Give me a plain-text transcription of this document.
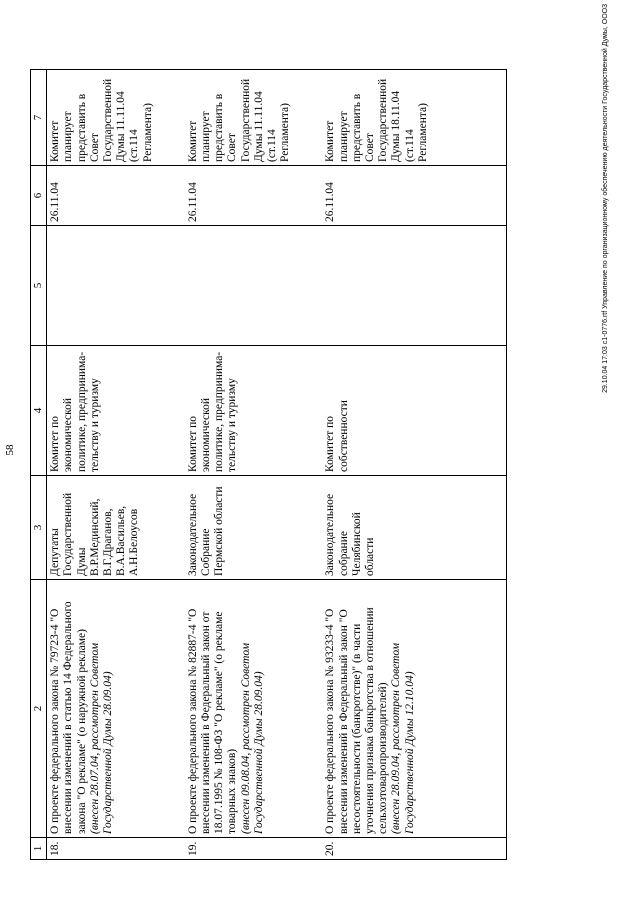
58
1	2	3	4	5	6	7
18.	О проекте федерального закона № 79723-4 "О внесении изменений в статью 14 Федерального закона "О рекламе" (о наружной рекламе) (внесен 28.07.04, рассмотрен Советом Государственной Думы 28.09.04)	Депутаты Государственной Думы В.Р.Мединский, В.Г.Драганов, В.А.Васильев, А.Н.Белоусов	Комитет по экономической политике, предпринима-тельству и туризму		26.11.04	Комитет планирует представить в Совет Государственной Думы 11.11.04 (ст.114 Регламента)

19.	О проекте федерального закона № 82887-4 "О внесении изменений в Федеральный закон от 18.07.1995 № 108-ФЗ "О рекламе" (о рекламе товарных знаков) (внесен 09.08.04, рассмотрен Советом Государственной Думы 28.09.04)	Законодательное Собрание Пермской области	Комитет по экономической политике, предпринима-тельству и туризму		26.11.04	Комитет планирует представить в Совет Государственной Думы 11.11.04 (ст.114 Регламента)

20.	О проекте федерального закона № 93233-4 "О внесении изменений в Федеральный закон "О несостоятельности (банкротстве)" (в части уточнения признака банкротства в отношении сельхозтоваропроизводителей) (внесен 28.09.04, рассмотрен Советом Государственной Думы 12.10.04)	Законодательное собрание Челябинской области	Комитет по собственности		26.11.04	Комитет планирует представить в Совет Государственной Думы 18.11.04 (ст.114 Регламента)
							29.10.04 17:03 с1-0776.rtf Управление по организационному обеспечению деятельности Государственной Думы, ООО3
